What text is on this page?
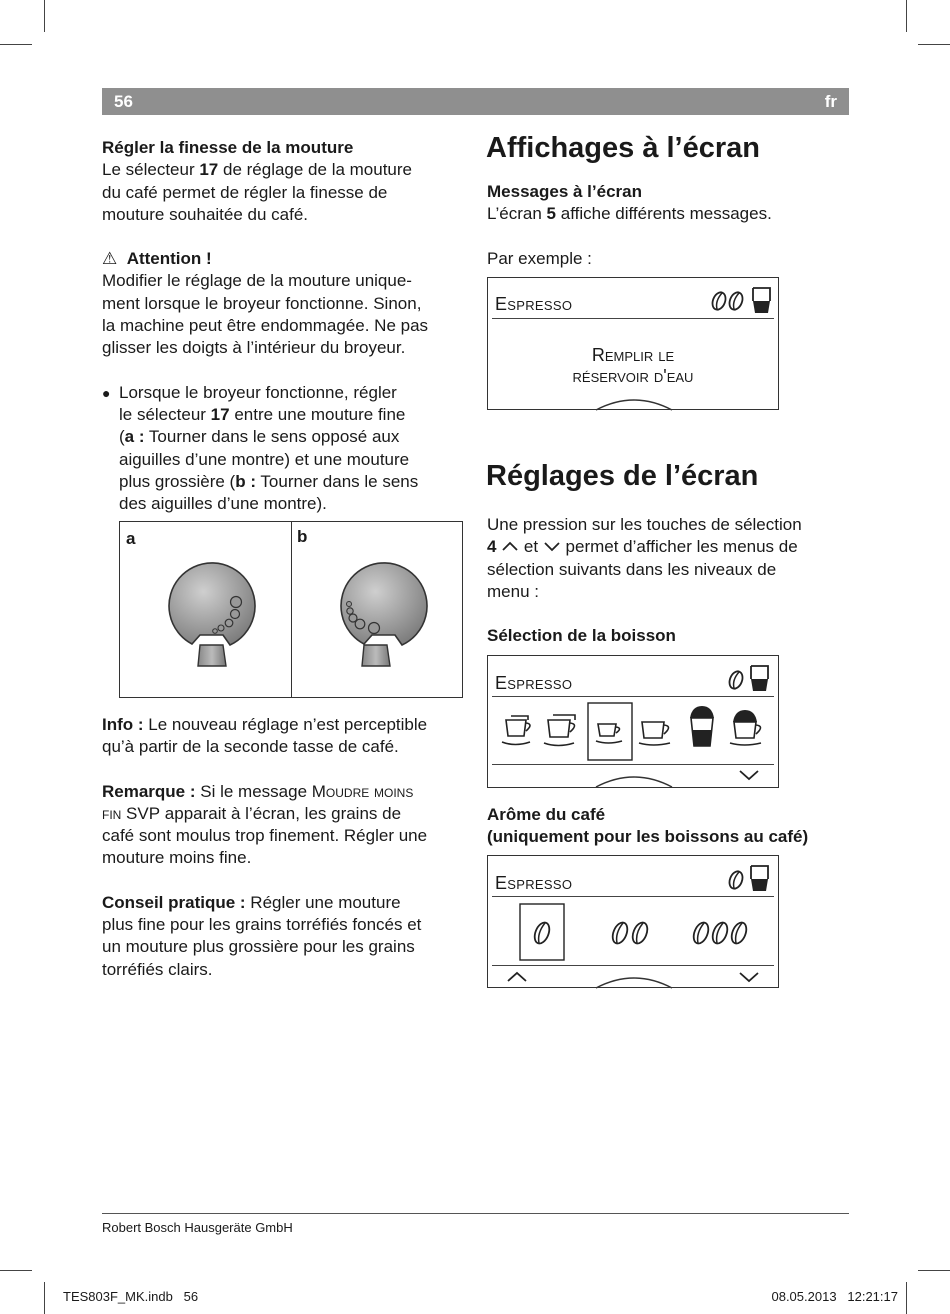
56	fr

Régler la finesse de la mouture

Le sélecteur 17 de réglage de la mouture

du café permet de régler la finesse de

mouture souhaitée du café.

⚠ Attention !

Modifier le réglage de la mouture unique-

ment lorsque le broyeur fonctionne. Sinon,

la machine peut être endommagée. Ne pas

glisser les doigts à l’intérieur du broyeur.

● Lorsque le broyeur fonctionne, régler

le sélecteur 17 entre une mouture fine

(a : Tourner dans le sens opposé aux

aiguilles d’une montre) et une mouture

plus grossière (b : Tourner dans le sens

des aiguilles d’une montre).

a	b

Info : Le nouveau réglage n’est perceptible

qu’à partir de la seconde tasse de café.

Remarque : Si le message Moudre moins

fin SVP apparait à l’écran, les grains de

café sont moulus trop finement. Régler une

mouture moins fine.

Conseil pratique : Régler une mouture

plus fine pour les grains torréfiés foncés et

un mouture plus grossière pour les grains

torréfiés clairs.

Affichages à l’écran

Messages à l’écran

L’écran 5 affiche différents messages.

Par exemple :

Espresso
Remplir le
réservoir d'eau
Réglages de l’écran

Une pression sur les touches de sélection

4  et  permet d’afficher les menus de

sélection suivants dans les niveaux de

menu :

Sélection de la boisson

Espresso

Arôme du café

(uniquement pour les boissons au café)

Espresso
Robert Bosch Hausgeräte GmbH
TES803F_MK.indb   56	08.05.2013   12:21:17
